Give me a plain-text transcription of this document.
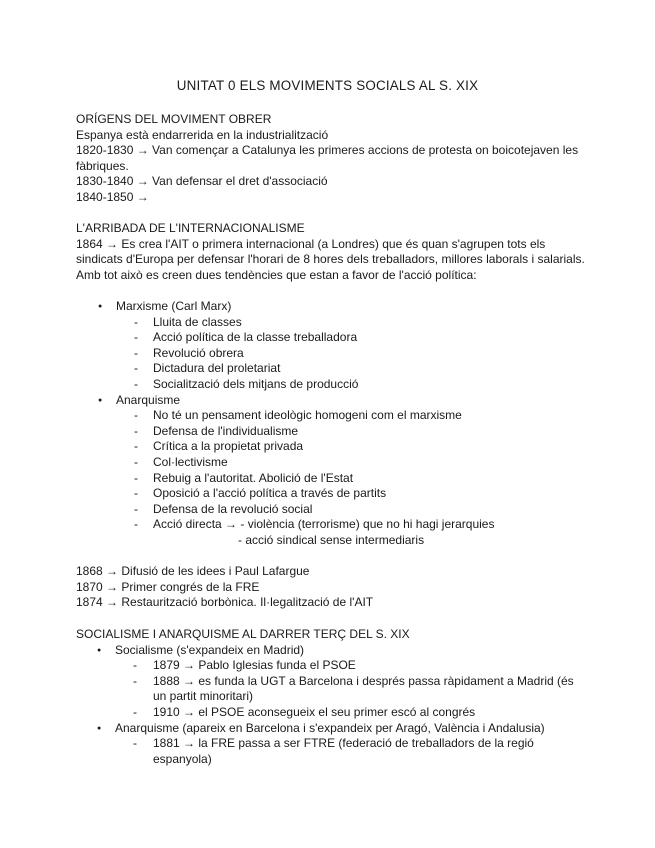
UNITAT 0 ELS MOVIMENTS SOCIALS AL S. XIX
ORÍGENS DEL MOVIMENT OBRER
Espanya està endarrerida en la industrialització
1820-1830 → Van començar a Catalunya les primeres accions de protesta on boicotejaven les fàbriques.
1830-1840 → Van defensar el dret d'associació
1840-1850 →
L'ARRIBADA DE L'INTERNACIONALISME
1864 → Es crea l'AIT o primera internacional (a Londres) que és quan s'agrupen tots els sindicats d'Europa per defensar l'horari de 8 hores dels treballadors, millores laborals i salarials. Amb tot això es creen dues tendències que estan a favor de l'acció política:
● Marxisme (Carl Marx)
- Lluita de classes
- Acció política de la classe treballadora
- Revolució obrera
- Dictadura del proletariat
- Socialització dels mitjans de producció
● Anarquisme
- No té un pensament ideològic homogeni com el marxisme
- Defensa de l'individualisme
- Crítica a la propietat privada
- Col·lectivisme
- Rebuig a l'autoritat. Abolició de l'Estat
- Oposició a l'acció política a través de partits
- Defensa de la revolució social
- Acció directa → - violència (terrorisme) que no hi hagi jerarquies
- acció sindical sense intermediaris
1868 → Difusió de les idees i Paul Lafargue
1870 → Primer congrés de la FRE
1874 → Restaurització borbònica. Il·legalització de l'AIT
SOCIALISME I ANARQUISME AL DARRER TERÇ DEL S. XIX
● Socialisme (s'expandeix en Madrid)
- 1879 → Pablo Iglesias funda el PSOE
- 1888 → es funda la UGT a Barcelona i després passa ràpidament a Madrid (és un partit minoritari)
- 1910 → el PSOE aconsegueix el seu primer escó al congrés
● Anarquisme (apareix en Barcelona i s'expandeix per Aragó, València i Andalusia)
- 1881 → la FRE passa a ser FTRE (federació de treballadors de la regió espanyola)
